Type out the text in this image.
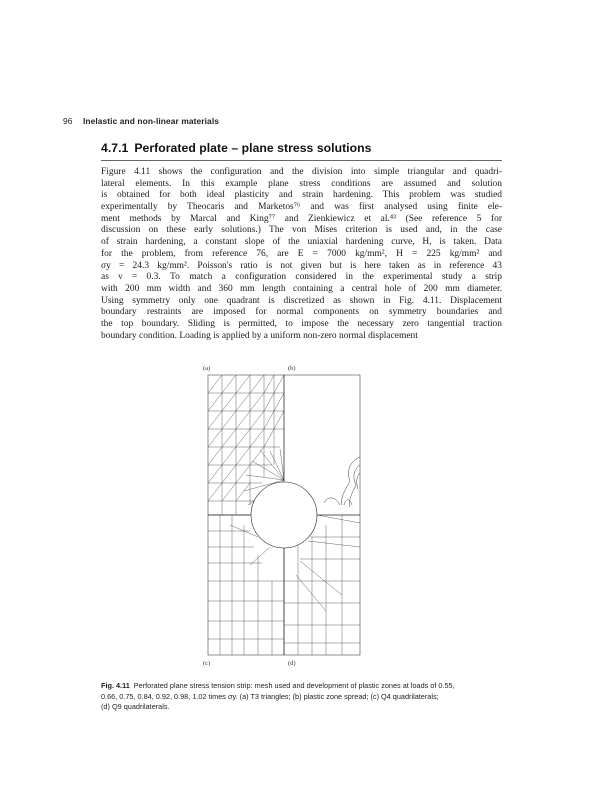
96 Inelastic and non-linear materials
4.7.1 Perforated plate – plane stress solutions
Figure 4.11 shows the configuration and the division into simple triangular and quadri-
lateral elements. In this example plane stress conditions are assumed and solution
is obtained for both ideal plasticity and strain hardening. This problem was studied
experimentally by Theocaris and Marketos⁷⁶ and was first analysed using finite ele-
ment methods by Marcal and King⁷⁷ and Zienkiewicz et al.⁴³ (See reference 5 for
discussion on these early solutions.) The von Mises criterion is used and, in the case
of strain hardening, a constant slope of the uniaxial hardening curve, H, is taken. Data
for the problem, from reference 76, are E = 7000 kg/mm², H = 225 kg/mm² and
σy = 24.3 kg/mm². Poisson's ratio is not given but is here taken as in reference 43
as ν = 0.3. To match a configuration considered in the experimental study a strip
with 200 mm width and 360 mm length containing a central hole of 200 mm diameter.
Using symmetry only one quadrant is discretized as shown in Fig. 4.11. Displacement
boundary restraints are imposed for normal components on symmetry boundaries and
the top boundary. Sliding is permitted, to impose the necessary zero tangential traction
boundary condition. Loading is applied by a uniform non-zero normal displacement
(a)	(b)
(c)	(d)
Fig. 4.11 Perforated plane stress tension strip: mesh used and development of plastic zones at loads of 0.55,
0.66, 0.75, 0.84, 0.92, 0.98, 1.02 times σy. (a) T3 triangles; (b) plastic zone spread; (c) Q4 quadrilaterals;
(d) Q9 quadrilaterals.
